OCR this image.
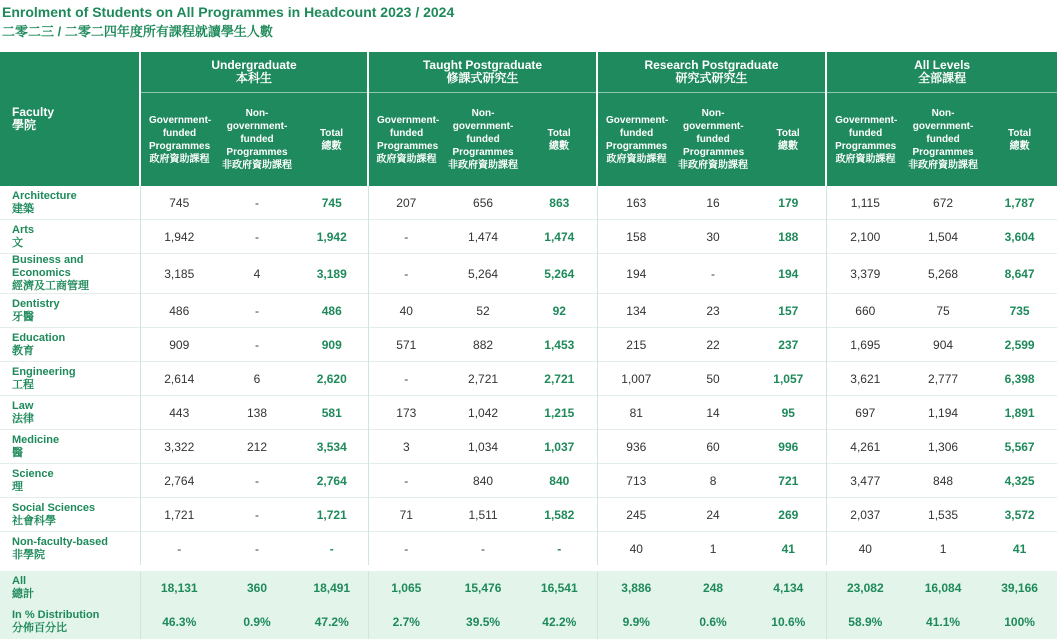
Enrolment of Students on All Programmes in Headcount 2023 / 2024
二零二三 / 二零二四年度所有課程就讀學生人數
Faculty
學院	Undergraduate
本科生			Taught Postgraduate
修課式研究生			Research Postgraduate
研究式研究生			All Levels
全部課程		

	Government-funded Programmes
政府資助課程	Non-government-funded Programmes
非政府資助課程	Total
總數	Government-funded Programmes
政府資助課程	Non-government-funded Programmes
非政府資助課程	Total
總數	Government-funded Programmes
政府資助課程	Non-government-funded Programmes
非政府資助課程	Total
總數	Government-funded Programmes
政府資助課程	Non-government-funded Programmes
非政府資助課程	Total
總數

Architecture
建築	745	-	745	207	656	863	163	16	179	1,115	672	1,787

Arts
文	1,942	-	1,942	-	1,474	1,474	158	30	188	2,100	1,504	3,604

Business and Economics
經濟及工商管理	3,185	4	3,189	-	5,264	5,264	194	-	194	3,379	5,268	8,647

Dentistry
牙醫	486	-	486	40	52	92	134	23	157	660	75	735

Education
教育	909	-	909	571	882	1,453	215	22	237	1,695	904	2,599

Engineering
工程	2,614	6	2,620	-	2,721	2,721	1,007	50	1,057	3,621	2,777	6,398

Law
法律	443	138	581	173	1,042	1,215	81	14	95	697	1,194	1,891

Medicine
醫	3,322	212	3,534	3	1,034	1,037	936	60	996	4,261	1,306	5,567

Science
理	2,764	-	2,764	-	840	840	713	8	721	3,477	848	4,325

Social Sciences
社會科學	1,721	-	1,721	71	1,511	1,582	245	24	269	2,037	1,535	3,572

Non-faculty-based
非學院	-	-	-	-	-	-	40	1	41	40	1	41

All
總計	18,131	360	18,491	1,065	15,476	16,541	3,886	248	4,134	23,082	16,084	39,166

In % Distribution
分佈百分比	46.3%	0.9%	47.2%	2.7%	39.5%	42.2%	9.9%	0.6%	10.6%	58.9%	41.1%	100%
